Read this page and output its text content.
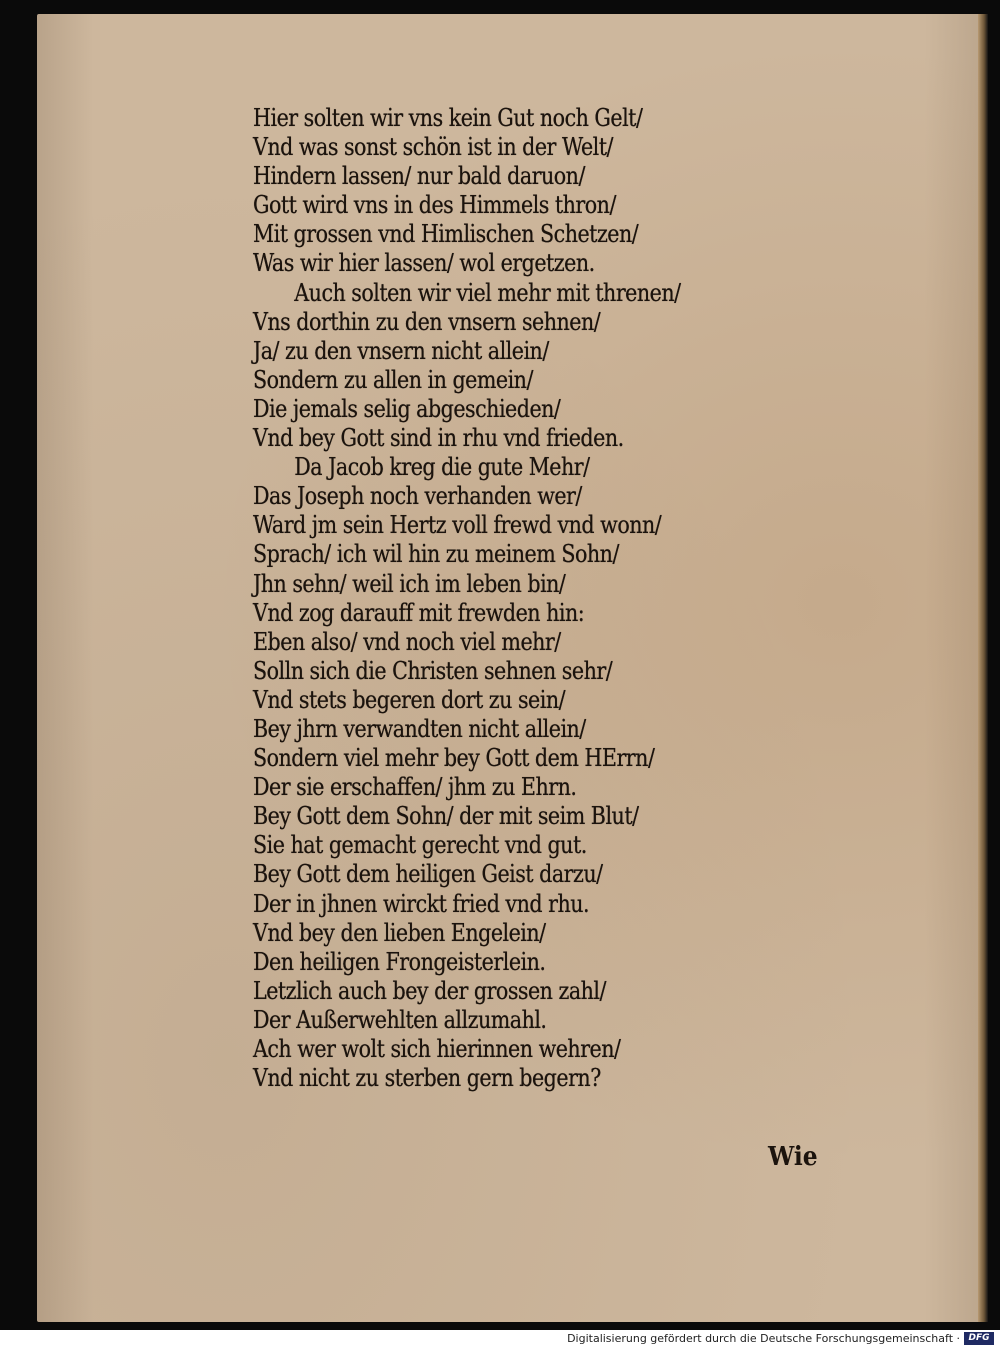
Hier solten wir vns kein Gut noch Gelt/
Vnd was sonst schön ist in der Welt/
Hindern lassen/ nur bald daruon/
Gott wird vns in des Himmels thron/
Mit grossen vnd Himlischen Schetzen/
Was wir hier lassen/ wol ergetzen.
Auch solten wir viel mehr mit threnen/
Vns dorthin zu den vnsern sehnen/
Ja/ zu den vnsern nicht allein/
Sondern zu allen in gemein/
Die jemals selig abgeschieden/
Vnd bey Gott sind in rhu vnd frieden.
Da Jacob kreg die gute Mehr/
Das Joseph noch verhanden wer/
Ward jm sein Hertz voll frewd vnd wonn/
Sprach/ ich wil hin zu meinem Sohn/
Jhn sehn/ weil ich im leben bin/
Vnd zog darauff mit frewden hin:
Eben also/ vnd noch viel mehr/
Solln sich die Christen sehnen sehr/
Vnd stets begeren dort zu sein/
Bey jhrn verwandten nicht allein/
Sondern viel mehr bey Gott dem HErrn/
Der sie erschaffen/ jhm zu Ehrn.
Bey Gott dem Sohn/ der mit seim Blut/
Sie hat gemacht gerecht vnd gut.
Bey Gott dem heiligen Geist darzu/
Der in jhnen wirckt fried vnd rhu.
Vnd bey den lieben Engelein/
Den heiligen Frongeisterlein.
Letzlich auch bey der grossen zahl/
Der Außerwehlten allzumahl.
Ach wer wolt sich hierinnen wehren/
Vnd nicht zu sterben gern begern?
Wie
Digitalisierung gefördert durch die Deutsche Forschungsgemeinschaft · DFG
